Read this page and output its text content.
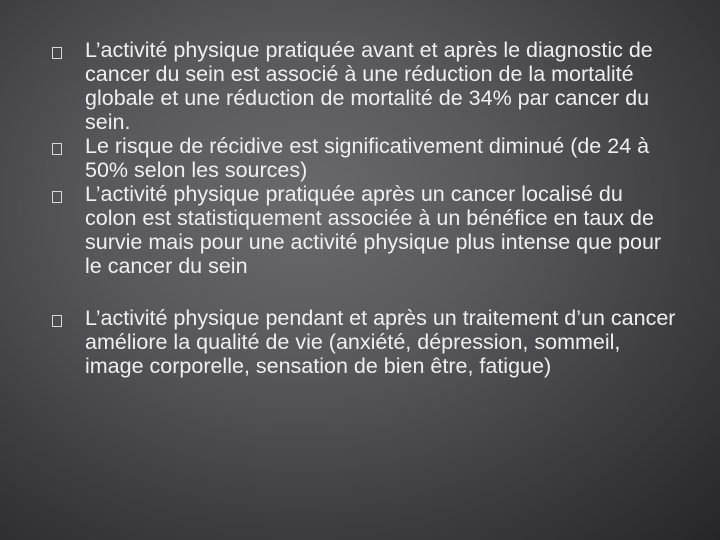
L’activité physique pratiquée avant et après le diagnostic de cancer du sein est associé à une réduction de la mortalité globale et une réduction de mortalité de 34% par cancer du sein.
Le risque de récidive est significativement diminué (de 24 à 50% selon les sources)
L’activité physique pratiquée après un cancer localisé du colon est statistiquement associée à un bénéfice en taux de survie mais pour une activité physique plus intense que pour le cancer du sein
L’activité physique pendant et après un traitement d’un cancer améliore la qualité de vie (anxiété, dépression, sommeil, image corporelle, sensation de bien être, fatigue)
